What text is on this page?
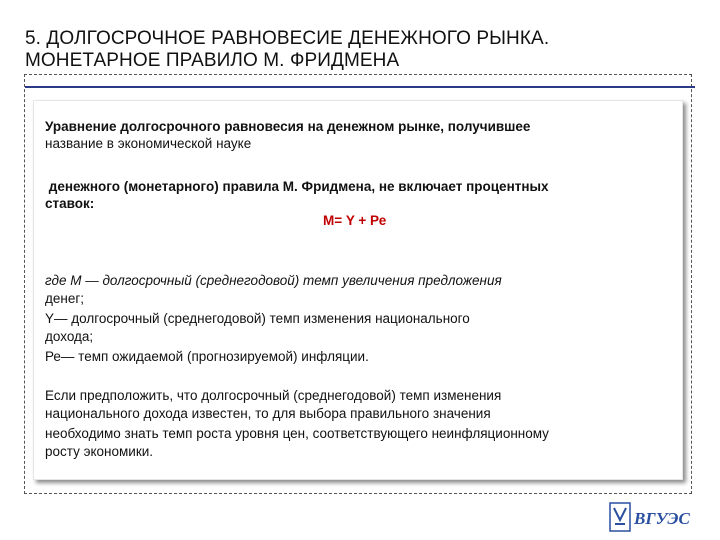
5. ДОЛГОСРОЧНОЕ РАВНОВЕСИЕ ДЕНЕЖНОГО РЫНКА.
МОНЕТАРНОЕ ПРАВИЛО М. ФРИДМЕНА
Уравнение долгосрочного равновесия на денежном рынке, получившее
название в экономической науке
денежного (монетарного) правила М. Фридмена, не включает процентных
ставок:
М= Y + Ре
где М — долгосрочный (среднегодовой) темп увеличения предложения
денег;
Y— долгосрочный (среднегодовой) темп изменения национального
дохода;
Ре— темп ожидаемой (прогнозируемой) инфляции.
Если предположить, что долгосрочный (среднегодовой) темп изменения
национального дохода известен, то для выбора правильного значения
необходимо знать темп роста уровня цен, соответствующего неинфляционному
росту экономики.
ВГУЭС
